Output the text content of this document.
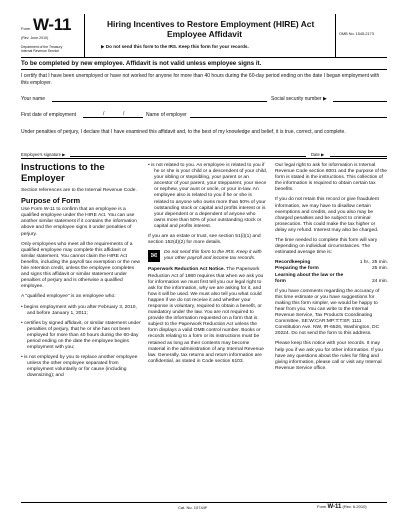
Form W-11
(Rev. June 2010)
Department of the Treasury
Internal Revenue Service
Hiring Incentives to Restore Employment (HIRE) Act
Employee Affidavit
▶ Do not send this form to the IRS. Keep this form for your records.
OMB No. 1545-2173
To be completed by new employee. Affidavit is not valid unless employee signs it.
I certify that I have been unemployed or have not worked for anyone for more than 40 hours during the 60-day period ending on the date I began employment with this employer.
Your name	Social security number ▶
First date of employment	/	/	Name of employer
Under penalties of perjury, I declare that I have examined this affidavit and, to the best of my knowledge and belief, it is true, correct, and complete.
Employee's signature ▶	Date ▶
Instructions to the Employer

Section references are to the Internal Revenue Code.

Purpose of Form

Use Form W-11 to confirm that an employee is a qualified employee under the HIRE Act. You can use another similar statement if it contains the information above and the employee signs it under penalties of perjury.

Only employees who meet all the requirements of a qualified employee may complete this affidavit or similar statement. You cannot claim the HIRE Act benefits, including the payroll tax exemption or the new hire retention credit, unless the employee completes and signs this affidavit or similar statement under penalties of perjury and is otherwise a qualified employee.

A "qualified employee" is an employee who:

• begins employment with you after February 3, 2010, and before January 1, 2011;

• certifies by signed affidavit, or similar statement under penalties of perjury, that he or she has not been employed for more than 40 hours during the 60-day period ending on the date the employee begins employment with you;

• is not employed by you to replace another employee unless the other employee separated from employment voluntarily or for cause (including downsizing); and

• is not related to you. An employee is related to you if he or she is your child or a descendent of your child, your sibling or stepsibling, your parent or an ancestor of your parent, your stepparent, your niece or nephew, your aunt or uncle, or your in-law. An employee also is related to you if he or she is related to anyone who owns more than 50% of your outstanding stock or capital and profits interest or is your dependent or a dependent of anyone who owns more than 50% of your outstanding stock or capital and profits interest.

If you are an estate or trust, see section 51(i)(1) and section 152(d)(2) for more details.

✉	Do not send this form to the IRS. Keep it with your other payroll and income tax records.

Paperwork Reduction Act Notice. The Paperwork Reduction Act of 1980 requires that when we ask you for information we must first tell you our legal right to ask for the information, why we are asking for it, and how it will be used. We must also tell you what could happen if we do not receive it and whether your response is voluntary, required to obtain a benefit, or mandatory under the law. You are not required to provide the information requested on a form that is subject to the Paperwork Reduction Act unless the form displays a valid OMB control number. Books or records relating to a form or its instructions must be retained as long as their contents may become material in the administration of any Internal Revenue law. Generally, tax returns and return information are confidential, as stated in Code section 6103.

Our legal right to ask for information is Internal Revenue Code section 6001 and the purpose of the form is stated in the instructions. This collection of the information is required to obtain certain tax benefits.

If you do not retain this record or give fraudulent information, we may have to disallow certain exemptions and credits, and you also may be charged penalties and be subject to criminal prosecution. This could make the tax higher or delay any refund. Interest may also be charged.

The time needed to complete this form will vary depending on individual circumstances. The estimated average time is:

Recordkeeping	1 hr., 25 min.
Preparing the form	25 min.
Learning about the law or the form	24 min.

If you have comments regarding the accuracy of this time estimate or you have suggestions for making this form simpler, we would be happy to hear from you. You can write to the Internal Revenue Service, Tax Products Coordinating Committee, SE:W:CAR:MP:T:T:SP, 1111 Constitution Ave. NW, IR-6526, Washington, DC 20224. Do not send the form to this address.

Please keep this notice with your records. It may help you if we ask you for other information. If you have any questions about the rules for filing and giving information, please call or visit any Internal Revenue Service office.

Cat. No. 10744F	Form W-11 (Rev. 6-2010)
